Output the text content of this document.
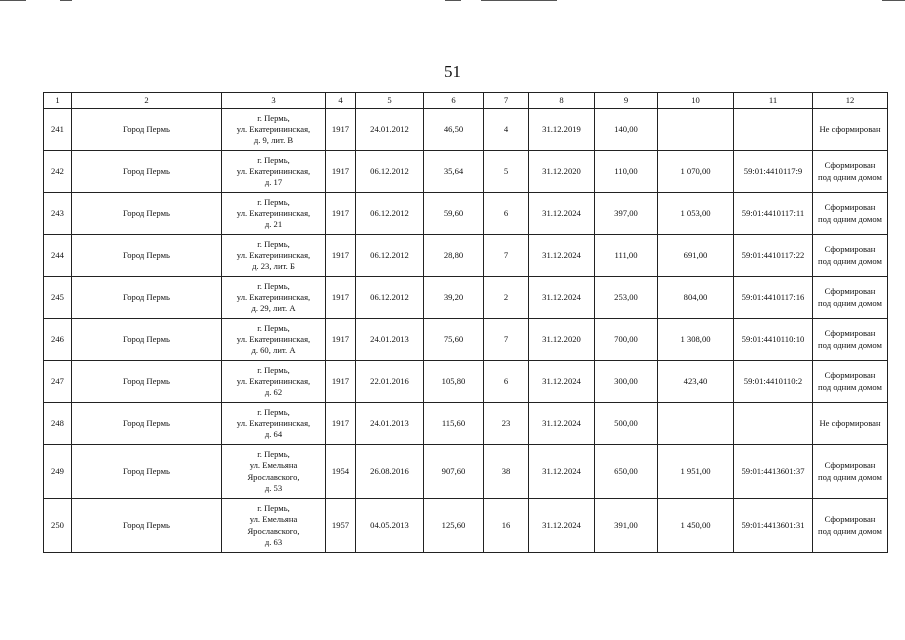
51
1	2	3	4	5	6	7	8	9	10	11	12
241	Город Пермь	г. Пермь,
ул. Екатерининская,
д. 9, лит. В	1917	24.01.2012	46,50	4	31.12.2019	140,00			Не сформирован

242	Город Пермь	г. Пермь,
ул. Екатерининская,
д. 17	1917	06.12.2012	35,64	5	31.12.2020	110,00	1 070,00	59:01:4410117:9	Сформирован
под одним домом

243	Город Пермь	г. Пермь,
ул. Екатерининская,
д. 21	1917	06.12.2012	59,60	6	31.12.2024	397,00	1 053,00	59:01:4410117:11	Сформирован
под одним домом

244	Город Пермь	г. Пермь,
ул. Екатерининская,
д. 23, лит. Б	1917	06.12.2012	28,80	7	31.12.2024	111,00	691,00	59:01:4410117:22	Сформирован
под одним домом

245	Город Пермь	г. Пермь,
ул. Екатерининская,
д. 29, лит. А	1917	06.12.2012	39,20	2	31.12.2024	253,00	804,00	59:01:4410117:16	Сформирован
под одним домом

246	Город Пермь	г. Пермь,
ул. Екатерининская,
д. 60, лит. А	1917	24.01.2013	75,60	7	31.12.2020	700,00	1 308,00	59:01:4410110:10	Сформирован
под одним домом

247	Город Пермь	г. Пермь,
ул. Екатерининская,
д. 62	1917	22.01.2016	105,80	6	31.12.2024	300,00	423,40	59:01:4410110:2	Сформирован
под одним домом

248	Город Пермь	г. Пермь,
ул. Екатерининская,
д. 64	1917	24.01.2013	115,60	23	31.12.2024	500,00			Не сформирован

249	Город Пермь	г. Пермь,
ул. Емельяна
Ярославского,
д. 53	1954	26.08.2016	907,60	38	31.12.2024	650,00	1 951,00	59:01:4413601:37	Сформирован
под одним домом

250	Город Пермь	г. Пермь,
ул. Емельяна
Ярославского,
д. 63	1957	04.05.2013	125,60	16	31.12.2024	391,00	1 450,00	59:01:4413601:31	Сформирован
под одним домом
